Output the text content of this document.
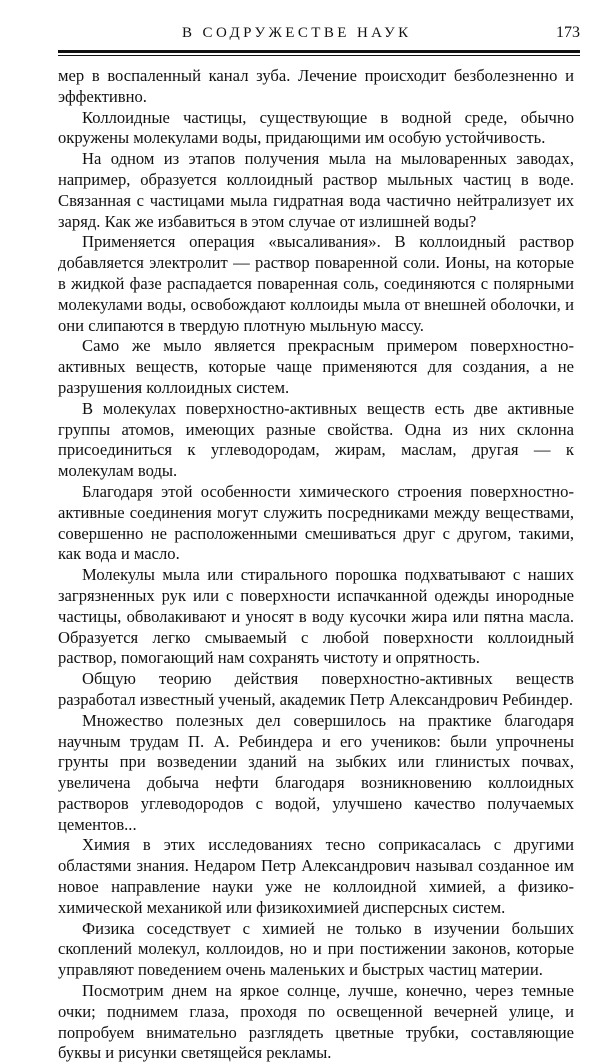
В СОДРУЖЕСТВЕ НАУК	173

мер в воспаленный канал зуба. Лечение происходит безболезненно и эффективно.

Коллоидные частицы, существующие в водной среде, обычно окружены молекулами воды, придающими им особую устойчивость.

На одном из этапов получения мыла на мыловаренных заводах, например, образуется коллоидный раствор мыльных частиц в воде. Связанная с частицами мыла гидратная вода частично нейтрализует их заряд. Как же избавиться в этом случае от излишней воды?

Применяется операция «высаливания». В коллоидный раствор добавляется электролит — раствор поваренной соли. Ионы, на которые в жидкой фазе распадается поваренная соль, соединяются с полярными молекулами воды, освобождают коллоиды мыла от внешней оболочки, и они слипаются в твердую плотную мыльную массу.

Само же мыло является прекрасным примером поверхностно-активных веществ, которые чаще применяются для создания, а не разрушения коллоидных систем.

В молекулах поверхностно-активных веществ есть две активные группы атомов, имеющих разные свойства. Одна из них склонна присоединиться к углеводородам, жирам, маслам, другая — к молекулам воды.

Благодаря этой особенности химического строения поверхностно-активные соединения могут служить посредниками между веществами, совершенно не расположенными смешиваться друг с другом, такими, как вода и масло.

Молекулы мыла или стирального порошка подхватывают с наших загрязненных рук или с поверхности испачканной одежды инородные частицы, обволакивают и уносят в воду кусочки жира или пятна масла. Образуется легко смываемый с любой поверхности коллоидный раствор, помогающий нам сохранять чистоту и опрятность.

Общую теорию действия поверхностно-активных веществ разработал известный ученый, академик Петр Александрович Ребиндер.

Множество полезных дел совершилось на практике благодаря научным трудам П. А. Ребиндера и его учеников: были упрочнены грунты при возведении зданий на зыбких или глинистых почвах, увеличена добыча нефти благодаря возникновению коллоидных растворов углеводородов с водой, улучшено качество получаемых цементов...

Химия в этих исследованиях тесно соприкасалась с другими областями знания. Недаром Петр Александрович называл созданное им новое направление науки уже не коллоидной химией, а физико-химической механикой или физикохимией дисперсных систем.

Физика соседствует с химией не только в изучении больших скоплений молекул, коллоидов, но и при постижении законов, которые управляют поведением очень маленьких и быстрых частиц материи.

Посмотрим днем на яркое солнце, лучше, конечно, через темные очки; поднимем глаза, проходя по освещенной вечерней улице, и попробуем внимательно разглядеть цветные трубки, составляющие буквы и рисунки светящейся рекламы.
